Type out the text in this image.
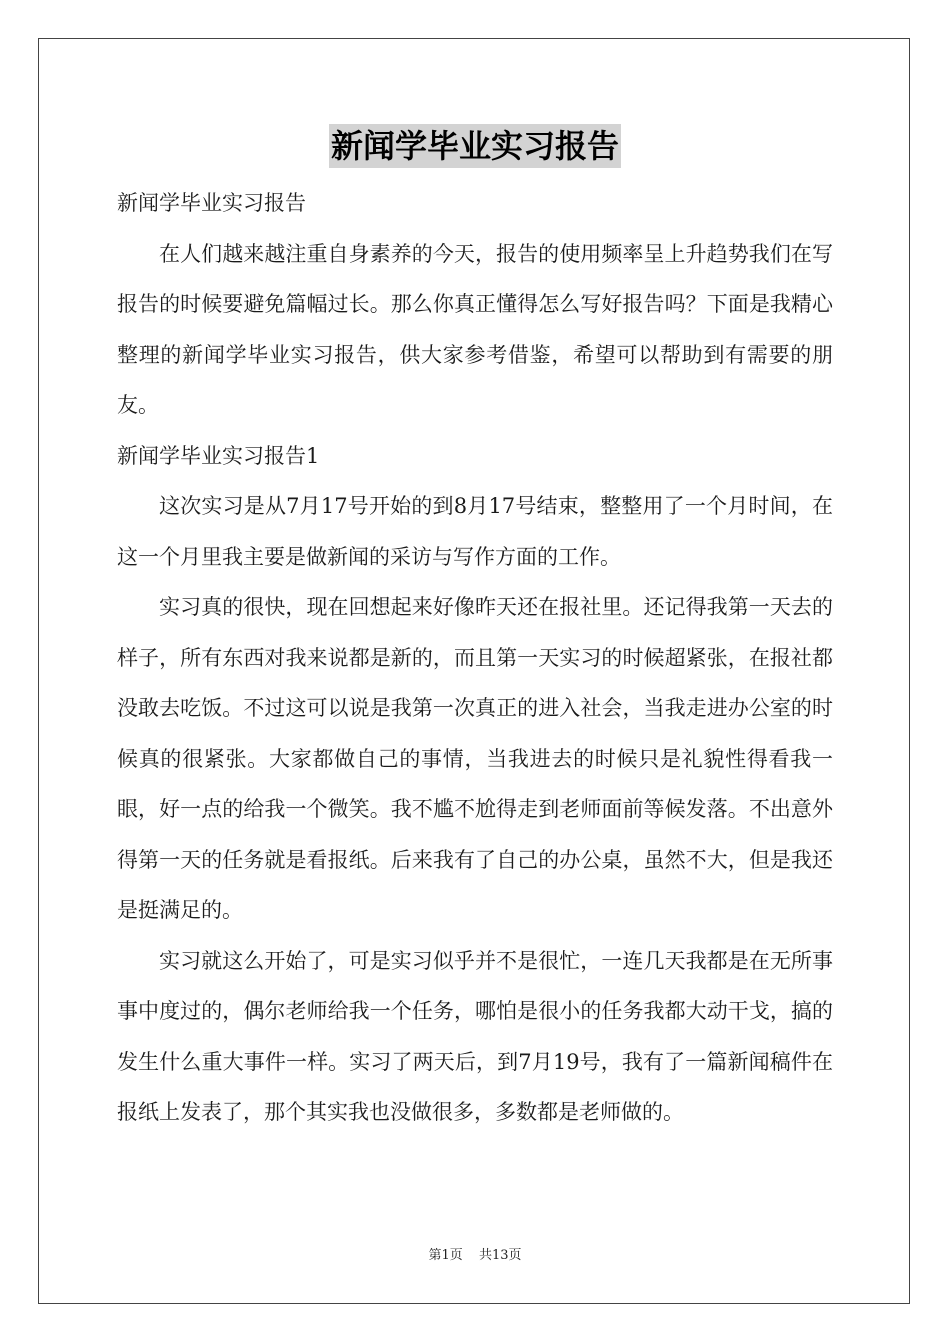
新闻学毕业实习报告

新闻学毕业实习报告

在人们越来越注重自身素养的今天，报告的使用频率呈上升趋势我们在写报告的时候要避免篇幅过长。那么你真正懂得怎么写好报告吗？下面是我精心整理的新闻学毕业实习报告，供大家参考借鉴，希望可以帮助到有需要的朋友。

新闻学毕业实习报告1

这次实习是从7月17号开始的到8月17号结束，整整用了一个月时间，在这一个月里我主要是做新闻的采访与写作方面的工作。

实习真的很快，现在回想起来好像昨天还在报社里。还记得我第一天去的样子，所有东西对我来说都是新的，而且第一天实习的时候超紧张，在报社都没敢去吃饭。不过这可以说是我第一次真正的进入社会，当我走进办公室的时候真的很紧张。大家都做自己的事情，当我进去的时候只是礼貌性得看我一眼，好一点的给我一个微笑。我不尴不尬得走到老师面前等候发落。不出意外得第一天的任务就是看报纸。后来我有了自己的办公桌，虽然不大，但是我还是挺满足的。

实习就这么开始了，可是实习似乎并不是很忙，一连几天我都是在无所事事中度过的，偶尔老师给我一个任务，哪怕是很小的任务我都大动干戈，搞的发生什么重大事件一样。实习了两天后，到7月19号，我有了一篇新闻稿件在报纸上发表了，那个其实我也没做很多，多数都是老师做的。

第1页 共13页
